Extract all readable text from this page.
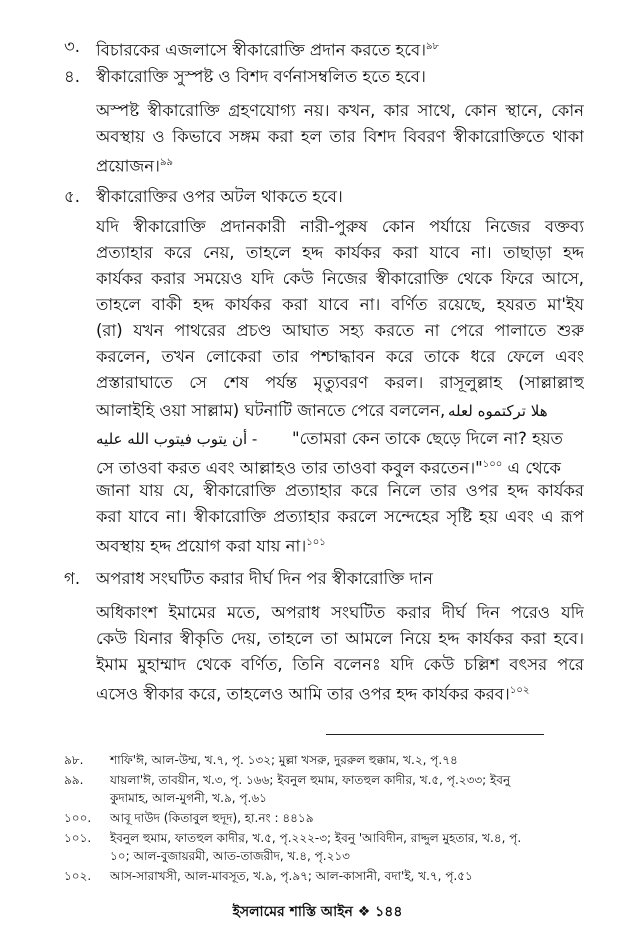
৩. বিচারকের এজলাসে স্বীকারোক্তি প্রদান করতে হবে।$^{৯৮}$
৪. স্বীকারোক্তি সুস্পষ্ট ও বিশদ বর্ণনাসম্বলিত হতে হবে।
অস্পষ্ট স্বীকারোক্তি গ্রহণযোগ্য নয়। কখন, কার সাথে, কোন স্থানে, কোন
অবস্থায় ও কিভাবে সঙ্গম করা হল তার বিশদ বিবরণ স্বীকারোক্তিতে থাকা
প্রয়োজন।$^{৯৯}$
৫. স্বীকারোক্তির ওপর অটল থাকতে হবে।
যদি স্বীকারোক্তি প্রদানকারী নারী-পুরুষ কোন পর্যায়ে নিজের বক্তব্য
প্রত্যাহার করে নেয়, তাহলে হদ্দ কার্যকর করা যাবে না। তাছাড়া হদ্দ
কার্যকর করার সময়েও যদি কেউ নিজের স্বীকারোক্তি থেকে ফিরে আসে,
তাহলে বাকী হদ্দ কার্যকর করা যাবে না। বর্ণিত রয়েছে, হযরত মা'ইয
(রা) যখন পাথরের প্রচণ্ড আঘাত সহ্য করতে না পেরে পালাতে শুরু
করলেন, তখন লোকেরা তার পশ্চাদ্ধাবন করে তাকে ধরে ফেলে এবং
প্রস্তারাঘাতে সে শেষ পর্যন্ত মৃত্যুবরণ করল। রাসূলুল্লাহ (সাল্লাল্লাহু
আলাইহি ওয়া সাল্লাম) ঘটনাটি জানতে পেরে বললেন, هلا تركتموه لعله
- أن يتوب فيتوب الله عليه "তোমরা কেন তাকে ছেড়ে দিলে না? হয়ত
সে তাওবা করত এবং আল্লাহও তার তাওবা কবুল করতেন।"$^{১০০}$ এ থেকে
জানা যায় যে, স্বীকারোক্তি প্রত্যাহার করে নিলে তার ওপর হদ্দ কার্যকর
করা যাবে না। স্বীকারোক্তি প্রত্যাহার করলে সন্দেহের সৃষ্টি হয় এবং এ রূপ
অবস্থায় হদ্দ প্রয়োগ করা যায় না।$^{১০১}$
গ. অপরাধ সংঘটিত করার দীর্ঘ দিন পর স্বীকারোক্তি দান
অধিকাংশ ইমামের মতে, অপরাধ সংঘটিত করার দীর্ঘ দিন পরেও যদি
কেউ যিনার স্বীকৃতি দেয়, তাহলে তা আমলে নিয়ে হদ্দ কার্যকর করা হবে।
ইমাম মুহাম্মাদ থেকে বর্ণিত, তিনি বলেনঃ যদি কেউ চল্লিশ বৎসর পরে
এসেও স্বীকার করে, তাহলেও আমি তার ওপর হদ্দ কার্যকর করব।$^{১০২}$
৯৮. শাফি'ঈ, আল-উম্ম, খ.৭, পৃ. ১৩২; মুল্লা খসরু, দুররুল হুক্কাম, খ.২, পৃ.৭৪
৯৯. যায়লা'ঈ, তাবয়ীন, খ.৩, পৃ. ১৬৬; ইবনুল হুমাম, ফাতহুল কাদীর, খ.৫, পৃ.২৩৩; ইবনু
কুদামাহ, আল-মুগনী, খ.৯, পৃ.৬১
১০০. আবূ দাউদ (কিতাবুল হুদূদ), হা.নং : ৪৪১৯
১০১. ইবনুল হুমাম, ফাতহুল কাদীর, খ.৫, পৃ.২২২-৩; ইবনু 'আবিদীন, রাদ্দুল মুহতার, খ.৪, পৃ.
১০; আল-বুজায়রমী, আত-তাজরীদ, খ.৪, পৃ.২১৩
১০২. আস-সারাখসী, আল-মাবসূত, খ.৯, পৃ.৯৭; আল-কাসানী, বদা'ই, খ.৭, পৃ.৫১
ইসলামের শাস্তি আইন ❖ ১৪৪
